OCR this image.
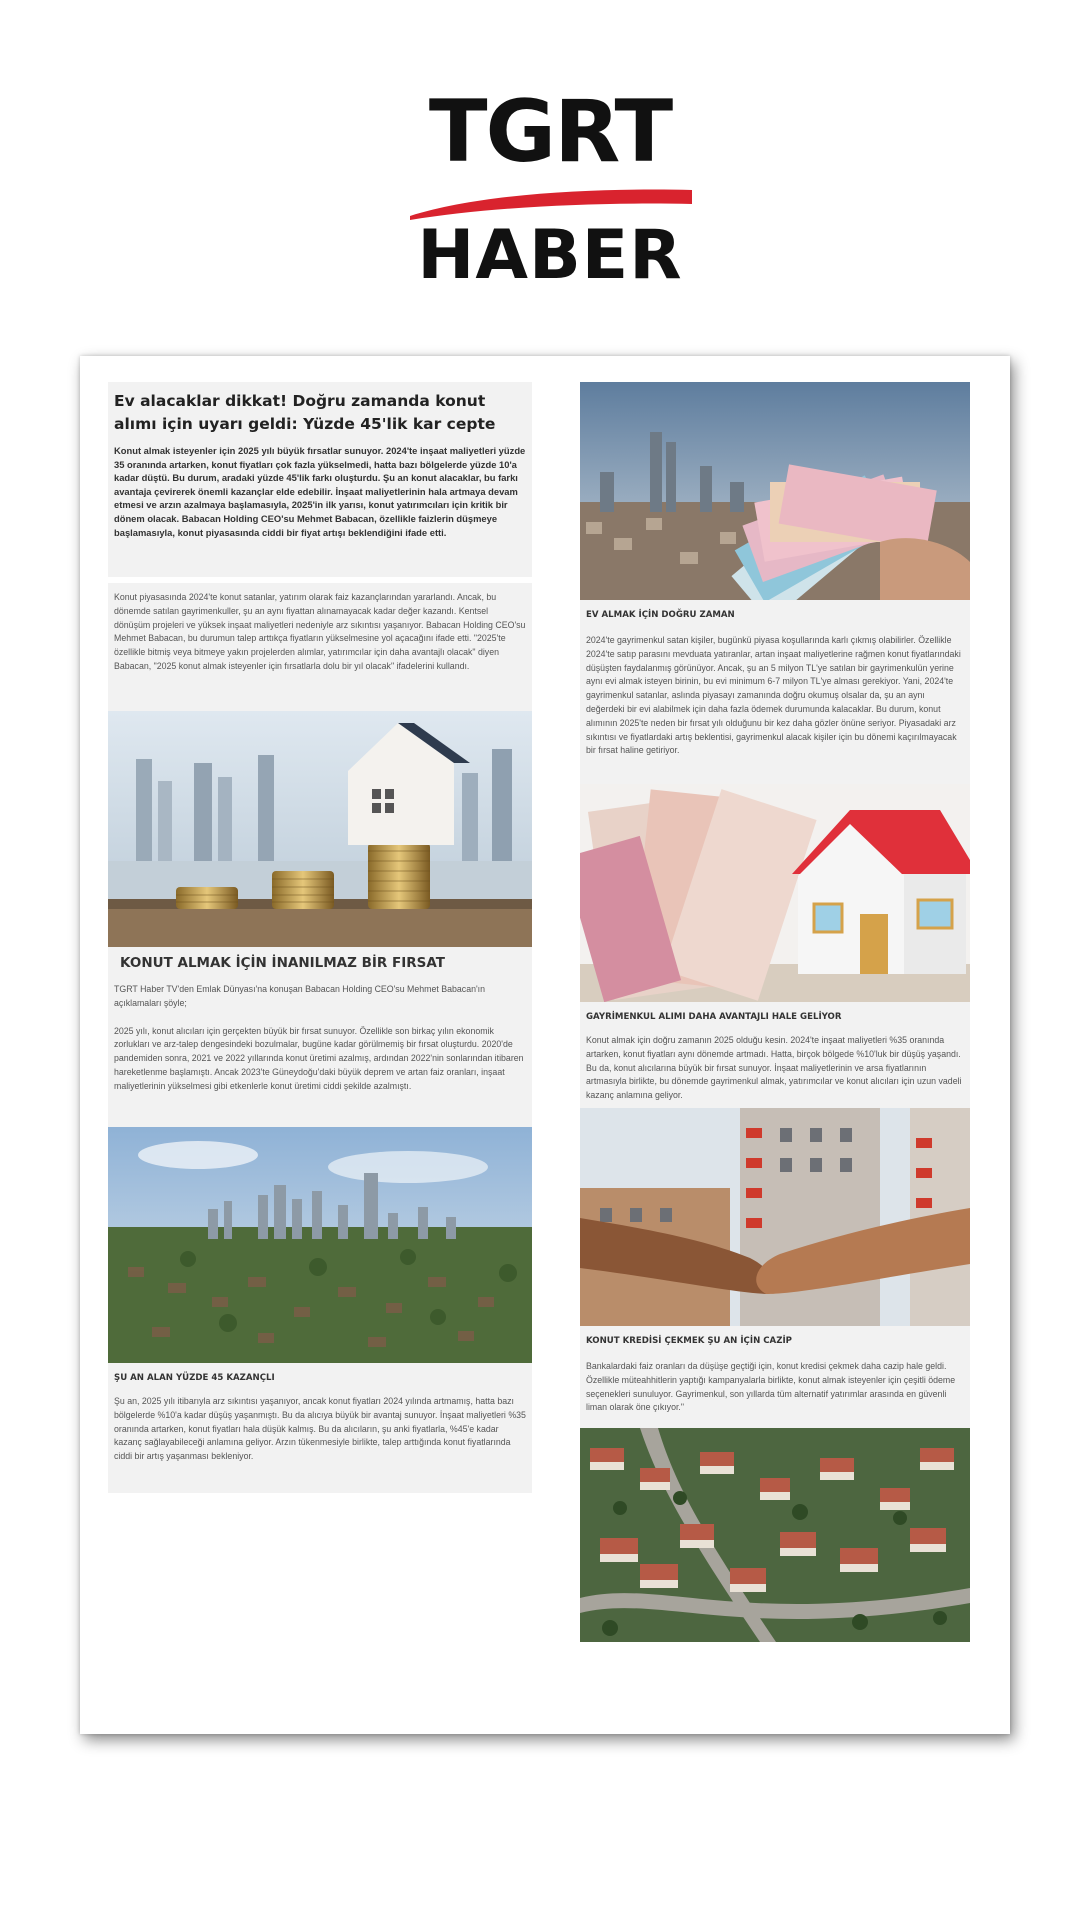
TGRT
HABER
Ev alacaklar dikkat! Doğru zamanda konut alımı için uyarı geldi: Yüzde 45'lik kar cepte
Konut almak isteyenler için 2025 yılı büyük fırsatlar sunuyor. 2024'te inşaat maliyetleri yüzde 35 oranında artarken, konut fiyatları çok fazla yükselmedi, hatta bazı bölgelerde yüzde 10'a kadar düştü. Bu durum, aradaki yüzde 45'lik farkı oluşturdu. Şu an konut alacaklar, bu farkı avantaja çevirerek önemli kazançlar elde edebilir. İnşaat maliyetlerinin hala artmaya devam etmesi ve arzın azalmaya başlamasıyla, 2025'in ilk yarısı, konut yatırımcıları için kritik bir dönem olacak. Babacan Holding CEO'su Mehmet Babacan, özellikle faizlerin düşmeye başlamasıyla, konut piyasasında ciddi bir fiyat artışı beklendiğini ifade etti.
Konut piyasasında 2024'te konut satanlar, yatırım olarak faiz kazançlarından yararlandı. Ancak, bu dönemde satılan gayrimenkuller, şu an aynı fiyattan alınamayacak kadar değer kazandı. Kentsel dönüşüm projeleri ve yüksek inşaat maliyetleri nedeniyle arz sıkıntısı yaşanıyor. Babacan Holding CEO'su Mehmet Babacan, bu durumun talep arttıkça fiyatların yükselmesine yol açacağını ifade etti. "2025'te özellikle bitmiş veya bitmeye yakın projelerden alımlar, yatırımcılar için daha avantajlı olacak" diyen Babacan, "2025 konut almak isteyenler için fırsatlarla dolu bir yıl olacak" ifadelerini kullandı.
KONUT ALMAK İÇİN İNANILMAZ BİR FIRSAT
TGRT Haber TV'den Emlak Dünyası'na konuşan Babacan Holding CEO'su Mehmet Babacan'ın açıklamaları şöyle;
2025 yılı, konut alıcıları için gerçekten büyük bir fırsat sunuyor. Özellikle son birkaç yılın ekonomik zorlukları ve arz-talep dengesindeki bozulmalar, bugüne kadar görülmemiş bir fırsat oluşturdu. 2020'de pandemiden sonra, 2021 ve 2022 yıllarında konut üretimi azalmış, ardından 2022'nin sonlarından itibaren hareketlenme başlamıştı. Ancak 2023'te Güneydoğu'daki büyük deprem ve artan faiz oranları, inşaat maliyetlerinin yükselmesi gibi etkenlerle konut üretimi ciddi şekilde azalmıştı.
ŞU AN ALAN YÜZDE 45 KAZANÇLI
Şu an, 2025 yılı itibarıyla arz sıkıntısı yaşanıyor, ancak konut fiyatları 2024 yılında artmamış, hatta bazı bölgelerde %10'a kadar düşüş yaşanmıştı. Bu da alıcıya büyük bir avantaj sunuyor. İnşaat maliyetleri %35 oranında artarken, konut fiyatları hala düşük kalmış. Bu da alıcıların, şu anki fiyatlarla, %45'e kadar kazanç sağlayabileceği anlamına geliyor. Arzın tükenmesiyle birlikte, talep arttığında konut fiyatlarında ciddi bir artış yaşanması bekleniyor.
EV ALMAK İÇİN DOĞRU ZAMAN
2024'te gayrimenkul satan kişiler, bugünkü piyasa koşullarında karlı çıkmış olabilirler. Özellikle 2024'te satıp parasını mevduata yatıranlar, artan inşaat maliyetlerine rağmen konut fiyatlarındaki düşüşten faydalanmış görünüyor. Ancak, şu an 5 milyon TL'ye satılan bir gayrimenkulün yerine aynı evi almak isteyen birinin, bu evi minimum 6-7 milyon TL'ye alması gerekiyor. Yani, 2024'te gayrimenkul satanlar, aslında piyasayı zamanında doğru okumuş olsalar da, şu an aynı değerdeki bir evi alabilmek için daha fazla ödemek durumunda kalacaklar. Bu durum, konut alımının 2025'te neden bir fırsat yılı olduğunu bir kez daha gözler önüne seriyor. Piyasadaki arz sıkıntısı ve fiyatlardaki artış beklentisi, gayrimenkul alacak kişiler için bu dönemi kaçırılmayacak bir fırsat haline getiriyor.
GAYRİMENKUL ALIMI DAHA AVANTAJLI HALE GELİYOR
Konut almak için doğru zamanın 2025 olduğu kesin. 2024'te inşaat maliyetleri %35 oranında artarken, konut fiyatları aynı dönemde artmadı. Hatta, birçok bölgede %10'luk bir düşüş yaşandı. Bu da, konut alıcılarına büyük bir fırsat sunuyor. İnşaat maliyetlerinin ve arsa fiyatlarının artmasıyla birlikte, bu dönemde gayrimenkul almak, yatırımcılar ve konut alıcıları için uzun vadeli kazanç anlamına geliyor.
KONUT KREDİSİ ÇEKMEK ŞU AN İÇİN CAZİP
Bankalardaki faiz oranları da düşüşe geçtiği için, konut kredisi çekmek daha cazip hale geldi. Özellikle müteahhitlerin yaptığı kampanyalarla birlikte, konut almak isteyenler için çeşitli ödeme seçenekleri sunuluyor. Gayrimenkul, son yıllarda tüm alternatif yatırımlar arasında en güvenli liman olarak öne çıkıyor."
